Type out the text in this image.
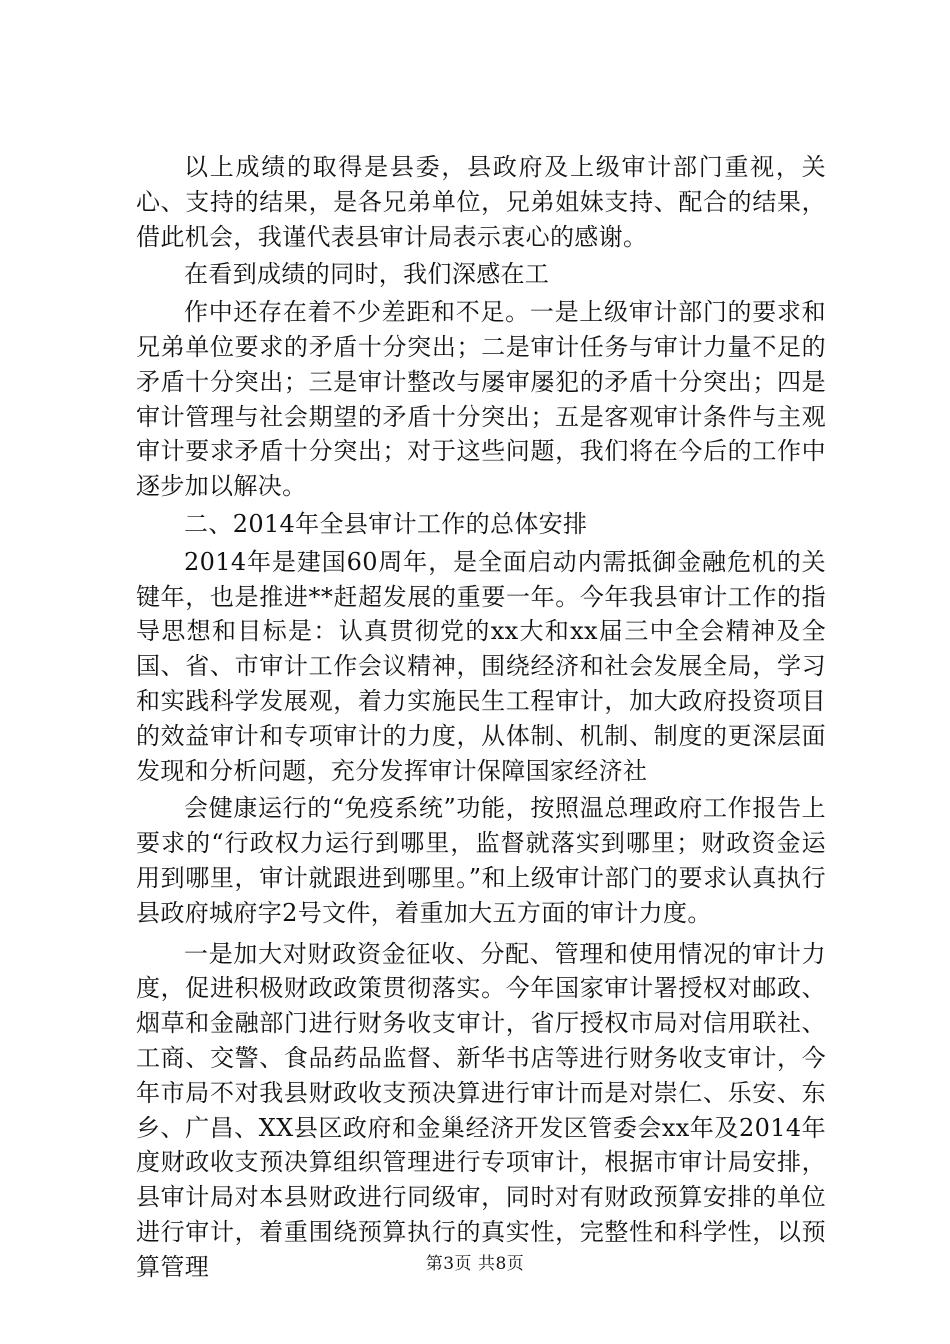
以上成绩的取得是县委，县政府及上级审计部门重视，关心、支持的结果，是各兄弟单位，兄弟姐妹支持、配合的结果，借此机会，我谨代表县审计局表示衷心的感谢。

在看到成绩的同时，我们深感在工

作中还存在着不少差距和不足。一是上级审计部门的要求和兄弟单位要求的矛盾十分突出；二是审计任务与审计力量不足的矛盾十分突出；三是审计整改与屡审屡犯的矛盾十分突出；四是审计管理与社会期望的矛盾十分突出；五是客观审计条件与主观审计要求矛盾十分突出；对于这些问题，我们将在今后的工作中逐步加以解决。

二、2014年全县审计工作的总体安排

2014年是建国60周年，是全面启动内需抵御金融危机的关键年，也是推进**赶超发展的重要一年。今年我县审计工作的指导思想和目标是：认真贯彻党的xx大和xx届三中全会精神及全国、省、市审计工作会议精神，围绕经济和社会发展全局，学习和实践科学发展观，着力实施民生工程审计，加大政府投资项目的效益审计和专项审计的力度，从体制、机制、制度的更深层面发现和分析问题，充分发挥审计保障国家经济社

会健康运行的“免疫系统”功能，按照温总理政府工作报告上要求的“行政权力运行到哪里，监督就落实到哪里；财政资金运用到哪里，审计就跟进到哪里。”和上级审计部门的要求认真执行县政府城府字2号文件，着重加大五方面的审计力度。

一是加大对财政资金征收、分配、管理和使用情况的审计力度，促进积极财政政策贯彻落实。今年国家审计署授权对邮政、烟草和金融部门进行财务收支审计，省厅授权市局对信用联社、工商、交警、食品药品监督、新华书店等进行财务收支审计，今年市局不对我县财政收支预决算进行审计而是对崇仁、乐安、东乡、广昌、XX县区政府和金巢经济开发区管委会xx年及2014年度财政收支预决算组织管理进行专项审计，根据市审计局安排，县审计局对本县财政进行同级审，同时对有财政预算安排的单位进行审计，着重围绕预算执行的真实性，完整性和科学性，以预算管理	第3页 共8页
